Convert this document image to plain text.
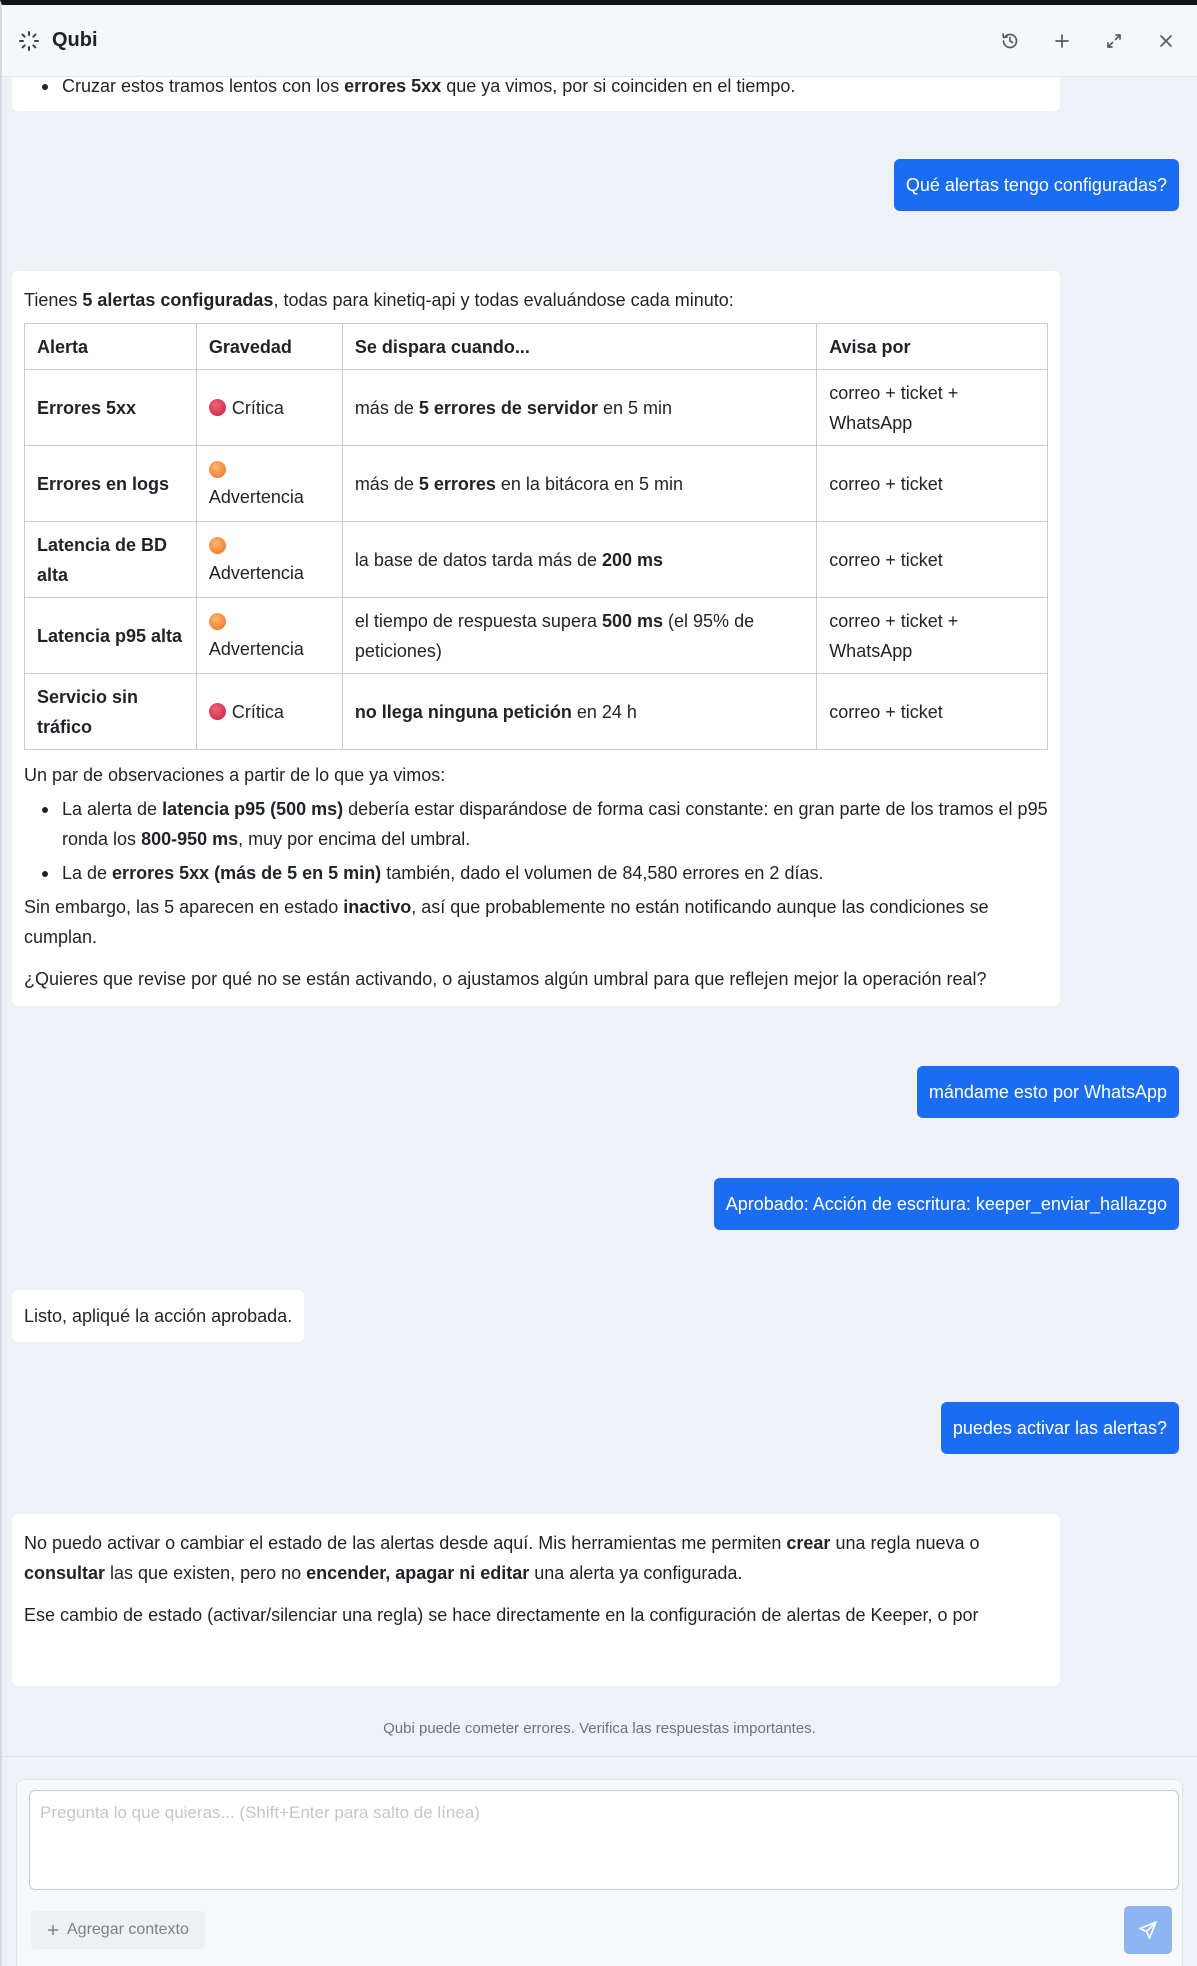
Qubi
Cruzar estos tramos lentos con los errores 5xx que ya vimos, por si coinciden en el tiempo.
Qué alertas tengo configuradas?

Tienes 5 alertas configuradas, todas para kinetiq-api y todas evaluándose cada minuto:

Alerta	Gravedad	Se dispara cuando...	Avisa por
Errores 5xx	Crítica	más de 5 errores de servidor en 5 min	correo + ticket + WhatsApp
Errores en logs	Advertencia	más de 5 errores en la bitácora en 5 min	correo + ticket
Latencia de BD alta	Advertencia	la base de datos tarda más de 200 ms	correo + ticket
Latencia p95 alta	Advertencia	el tiempo de respuesta supera 500 ms (el 95% de peticiones)	correo + ticket + WhatsApp
Servicio sin tráfico	Crítica	no llega ninguna petición en 24 h	correo + ticket

Un par de observaciones a partir de lo que ya vimos:

La alerta de latencia p95 (500 ms) debería estar disparándose de forma casi constante: en gran parte de los tramos el p95 ronda los 800-950 ms, muy por encima del umbral.
La de errores 5xx (más de 5 en 5 min) también, dado el volumen de 84,580 errores en 2 días.

Sin embargo, las 5 aparecen en estado inactivo, así que probablemente no están notificando aunque las condiciones se cumplan.

¿Quieres que revise por qué no se están activando, o ajustamos algún umbral para que reflejen mejor la operación real?

mándame esto por WhatsApp
Aprobado: Acción de escritura: keeper_enviar_hallazgo
Listo, apliqué la acción aprobada.
puedes activar las alertas?

No puedo activar o cambiar el estado de las alertas desde aquí. Mis herramientas me permiten crear una regla nueva o consultar las que existen, pero no encender, apagar ni editar una alerta ya configurada.

Ese cambio de estado (activar/silenciar una regla) se hace directamente en la configuración de alertas de Keeper, o por

Qubi puede cometer errores. Verifica las respuestas importantes.
Pregunta lo que quieras... (Shift+Enter para salto de línea)
Agregar contexto
